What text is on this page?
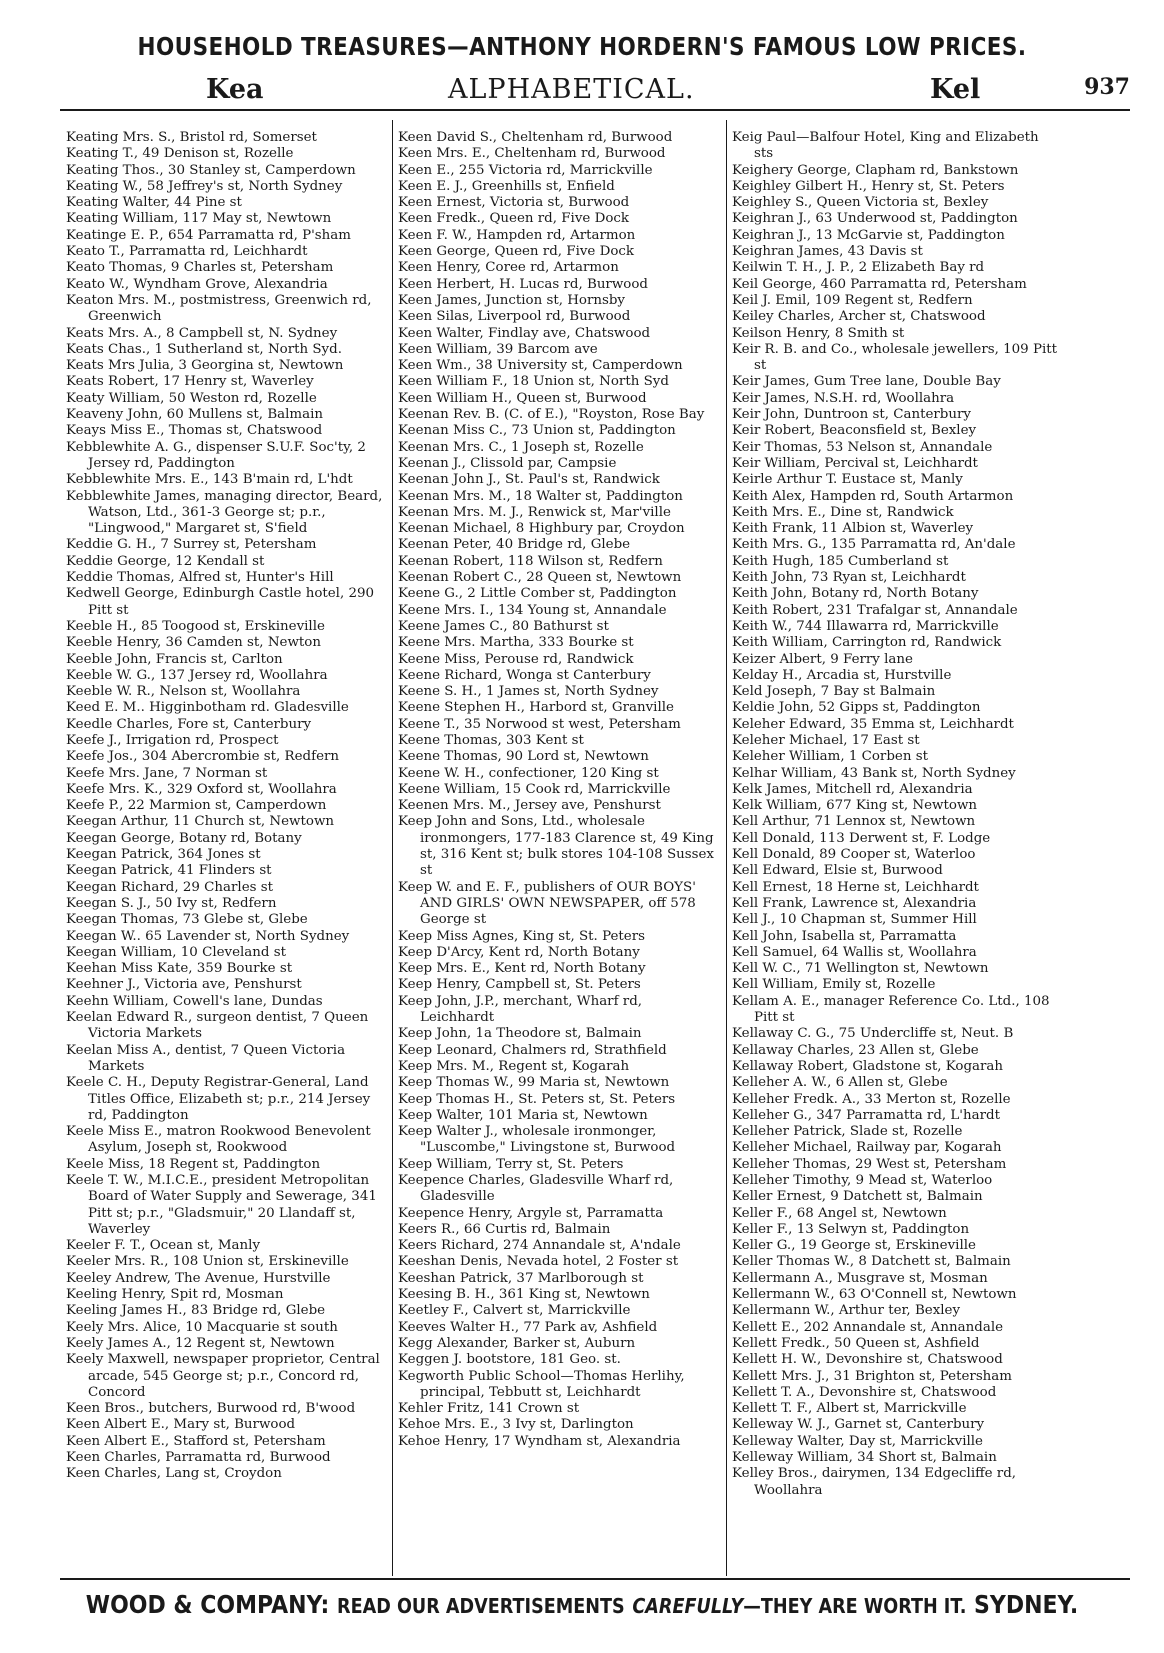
HOUSEHOLD TREASURES—ANTHONY HORDERN'S FAMOUS LOW PRICES.
Kea	ALPHABETICAL.	Kel	937

Keating Mrs. S., Bristol rd, Somerset

Keating T., 49 Denison st, Rozelle

Keating Thos., 30 Stanley st, Camperdown

Keating W., 58 Jeffrey's st, North Sydney

Keating Walter, 44 Pine st

Keating William, 117 May st, Newtown

Keatinge E. P., 654 Parramatta rd, P'sham

Keato T., Parramatta rd, Leichhardt

Keato Thomas, 9 Charles st, Petersham

Keato W., Wyndham Grove, Alexandria

Keaton Mrs. M., postmistress, Greenwich rd, Greenwich

Keats Mrs. A., 8 Campbell st, N. Sydney

Keats Chas., 1 Sutherland st, North Syd.

Keats Mrs Julia, 3 Georgina st, Newtown

Keats Robert, 17 Henry st, Waverley

Keaty William, 50 Weston rd, Rozelle

Keaveny John, 60 Mullens st, Balmain

Keays Miss E., Thomas st, Chatswood

Kebblewhite A. G., dispenser S.U.F. Soc'ty, 2 Jersey rd, Paddington

Kebblewhite Mrs. E., 143 B'main rd, L'hdt

Kebblewhite James, managing director, Beard, Watson, Ltd., 361-3 George st; p.r., "Lingwood," Margaret st, S'field

Keddie G. H., 7 Surrey st, Petersham

Keddie George, 12 Kendall st

Keddie Thomas, Alfred st, Hunter's Hill

Kedwell George, Edinburgh Castle hotel, 290 Pitt st

Keeble H., 85 Toogood st, Erskineville

Keeble Henry, 36 Camden st, Newton

Keeble John, Francis st, Carlton

Keeble W. G., 137 Jersey rd, Woollahra

Keeble W. R., Nelson st, Woollahra

Keed E. M.. Higginbotham rd. Gladesville

Keedle Charles, Fore st, Canterbury

Keefe J., Irrigation rd, Prospect

Keefe Jos., 304 Abercrombie st, Redfern

Keefe Mrs. Jane, 7 Norman st

Keefe Mrs. K., 329 Oxford st, Woollahra

Keefe P., 22 Marmion st, Camperdown

Keegan Arthur, 11 Church st, Newtown

Keegan George, Botany rd, Botany

Keegan Patrick, 364 Jones st

Keegan Patrick, 41 Flinders st

Keegan Richard, 29 Charles st

Keegan S. J., 50 Ivy st, Redfern

Keegan Thomas, 73 Glebe st, Glebe

Keegan W.. 65 Lavender st, North Sydney

Keegan William, 10 Cleveland st

Keehan Miss Kate, 359 Bourke st

Keehner J., Victoria ave, Penshurst

Keehn William, Cowell's lane, Dundas

Keelan Edward R., surgeon dentist, 7 Queen Victoria Markets

Keelan Miss A., dentist, 7 Queen Victoria Markets

Keele C. H., Deputy Registrar-General, Land Titles Office, Elizabeth st; p.r., 214 Jersey rd, Paddington

Keele Miss E., matron Rookwood Benevolent Asylum, Joseph st, Rookwood

Keele Miss, 18 Regent st, Paddington

Keele T. W., M.I.C.E., president Metropolitan Board of Water Supply and Sewerage, 341 Pitt st; p.r., "Gladsmuir," 20 Llandaff st, Waverley

Keeler F. T., Ocean st, Manly

Keeler Mrs. R., 108 Union st, Erskineville

Keeley Andrew, The Avenue, Hurstville

Keeling Henry, Spit rd, Mosman

Keeling James H., 83 Bridge rd, Glebe

Keely Mrs. Alice, 10 Macquarie st south

Keely James A., 12 Regent st, Newtown

Keely Maxwell, newspaper proprietor, Central arcade, 545 George st; p.r., Concord rd, Concord

Keen Bros., butchers, Burwood rd, B'wood

Keen Albert E., Mary st, Burwood

Keen Albert E., Stafford st, Petersham

Keen Charles, Parramatta rd, Burwood

Keen Charles, Lang st, Croydon

Keen David S., Cheltenham rd, Burwood

Keen Mrs. E., Cheltenham rd, Burwood

Keen E., 255 Victoria rd, Marrickville

Keen E. J., Greenhills st, Enfield

Keen Ernest, Victoria st, Burwood

Keen Fredk., Queen rd, Five Dock

Keen F. W., Hampden rd, Artarmon

Keen George, Queen rd, Five Dock

Keen Henry, Coree rd, Artarmon

Keen Herbert, H. Lucas rd, Burwood

Keen James, Junction st, Hornsby

Keen Silas, Liverpool rd, Burwood

Keen Walter, Findlay ave, Chatswood

Keen William, 39 Barcom ave

Keen Wm., 38 University st, Camperdown

Keen William F., 18 Union st, North Syd

Keen William H., Queen st, Burwood

Keenan Rev. B. (C. of E.), "Royston, Rose Bay

Keenan Miss C., 73 Union st, Paddington

Keenan Mrs. C., 1 Joseph st, Rozelle

Keenan J., Clissold par, Campsie

Keenan John J., St. Paul's st, Randwick

Keenan Mrs. M., 18 Walter st, Paddington

Keenan Mrs. M. J., Renwick st, Mar'ville

Keenan Michael, 8 Highbury par, Croydon

Keenan Peter, 40 Bridge rd, Glebe

Keenan Robert, 118 Wilson st, Redfern

Keenan Robert C., 28 Queen st, Newtown

Keene G., 2 Little Comber st, Paddington

Keene Mrs. I., 134 Young st, Annandale

Keene James C., 80 Bathurst st

Keene Mrs. Martha, 333 Bourke st

Keene Miss, Perouse rd, Randwick

Keene Richard, Wonga st Canterbury

Keene S. H., 1 James st, North Sydney

Keene Stephen H., Harbord st, Granville

Keene T., 35 Norwood st west, Petersham

Keene Thomas, 303 Kent st

Keene Thomas, 90 Lord st, Newtown

Keene W. H., confectioner, 120 King st

Keene William, 15 Cook rd, Marrickville

Keenen Mrs. M., Jersey ave, Penshurst

Keep John and Sons, Ltd., wholesale ironmongers, 177-183 Clarence st, 49 King st, 316 Kent st; bulk stores 104-108 Sussex st

Keep W. and E. F., publishers of OUR BOYS' AND GIRLS' OWN NEWSPAPER, off 578 George st

Keep Miss Agnes, King st, St. Peters

Keep D'Arcy, Kent rd, North Botany

Keep Mrs. E., Kent rd, North Botany

Keep Henry, Campbell st, St. Peters

Keep John, J.P., merchant, Wharf rd, Leichhardt

Keep John, 1a Theodore st, Balmain

Keep Leonard, Chalmers rd, Strathfield

Keep Mrs. M., Regent st, Kogarah

Keep Thomas W., 99 Maria st, Newtown

Keep Thomas H., St. Peters st, St. Peters

Keep Walter, 101 Maria st, Newtown

Keep Walter J., wholesale ironmonger, "Luscombe," Livingstone st, Burwood

Keep William, Terry st, St. Peters

Keepence Charles, Gladesville Wharf rd, Gladesville

Keepence Henry, Argyle st, Parramatta

Keers R., 66 Curtis rd, Balmain

Keers Richard, 274 Annandale st, A'ndale

Keeshan Denis, Nevada hotel, 2 Foster st

Keeshan Patrick, 37 Marlborough st

Keesing B. H., 361 King st, Newtown

Keetley F., Calvert st, Marrickville

Keeves Walter H., 77 Park av, Ashfield

Kegg Alexander, Barker st, Auburn

Keggen J. bootstore, 181 Geo. st.

Kegworth Public School—Thomas Herlihy, principal, Tebbutt st, Leichhardt

Kehler Fritz, 141 Crown st

Kehoe Mrs. E., 3 Ivy st, Darlington

Kehoe Henry, 17 Wyndham st, Alexandria

Keig Paul—Balfour Hotel, King and Elizabeth sts

Keighery George, Clapham rd, Bankstown

Keighley Gilbert H., Henry st, St. Peters

Keighley S., Queen Victoria st, Bexley

Keighran J., 63 Underwood st, Paddington

Keighran J., 13 McGarvie st, Paddington

Keighran James, 43 Davis st

Keilwin T. H., J. P., 2 Elizabeth Bay rd

Keil George, 460 Parramatta rd, Petersham

Keil J. Emil, 109 Regent st, Redfern

Keiley Charles, Archer st, Chatswood

Keilson Henry, 8 Smith st

Keir R. B. and Co., wholesale jewellers, 109 Pitt st

Keir James, Gum Tree lane, Double Bay

Keir James, N.S.H. rd, Woollahra

Keir John, Duntroon st, Canterbury

Keir Robert, Beaconsfield st, Bexley

Keir Thomas, 53 Nelson st, Annandale

Keir William, Percival st, Leichhardt

Keirle Arthur T. Eustace st, Manly

Keith Alex, Hampden rd, South Artarmon

Keith Mrs. E., Dine st, Randwick

Keith Frank, 11 Albion st, Waverley

Keith Mrs. G., 135 Parramatta rd, An'dale

Keith Hugh, 185 Cumberland st

Keith John, 73 Ryan st, Leichhardt

Keith John, Botany rd, North Botany

Keith Robert, 231 Trafalgar st, Annandale

Keith W., 744 Illawarra rd, Marrickville

Keith William, Carrington rd, Randwick

Keizer Albert, 9 Ferry lane

Kelday H., Arcadia st, Hurstville

Keld Joseph, 7 Bay st Balmain

Keldie John, 52 Gipps st, Paddington

Keleher Edward, 35 Emma st, Leichhardt

Keleher Michael, 17 East st

Keleher William, 1 Corben st

Kelhar William, 43 Bank st, North Sydney

Kelk James, Mitchell rd, Alexandria

Kelk William, 677 King st, Newtown

Kell Arthur, 71 Lennox st, Newtown

Kell Donald, 113 Derwent st, F. Lodge

Kell Donald, 89 Cooper st, Waterloo

Kell Edward, Elsie st, Burwood

Kell Ernest, 18 Herne st, Leichhardt

Kell Frank, Lawrence st, Alexandria

Kell J., 10 Chapman st, Summer Hill

Kell John, Isabella st, Parramatta

Kell Samuel, 64 Wallis st, Woollahra

Kell W. C., 71 Wellington st, Newtown

Kell William, Emily st, Rozelle

Kellam A. E., manager Reference Co. Ltd., 108 Pitt st

Kellaway C. G., 75 Undercliffe st, Neut. B

Kellaway Charles, 23 Allen st, Glebe

Kellaway Robert, Gladstone st, Kogarah

Kelleher A. W., 6 Allen st, Glebe

Kelleher Fredk. A., 33 Merton st, Rozelle

Kelleher G., 347 Parramatta rd, L'hardt

Kelleher Patrick, Slade st, Rozelle

Kelleher Michael, Railway par, Kogarah

Kelleher Thomas, 29 West st, Petersham

Kelleher Timothy, 9 Mead st, Waterloo

Keller Ernest, 9 Datchett st, Balmain

Keller F., 68 Angel st, Newtown

Keller F., 13 Selwyn st, Paddington

Keller G., 19 George st, Erskineville

Keller Thomas W., 8 Datchett st, Balmain

Kellermann A., Musgrave st, Mosman

Kellermann W., 63 O'Connell st, Newtown

Kellermann W., Arthur ter, Bexley

Kellett E., 202 Annandale st, Annandale

Kellett Fredk., 50 Queen st, Ashfield

Kellett H. W., Devonshire st, Chatswood

Kellett Mrs. J., 31 Brighton st, Petersham

Kellett T. A., Devonshire st, Chatswood

Kellett T. F., Albert st, Marrickville

Kelleway W. J., Garnet st, Canterbury

Kelleway Walter, Day st, Marrickville

Kelleway William, 34 Short st, Balmain

Kelley Bros., dairymen, 134 Edgecliffe rd, Woollahra

WOOD & COMPANY: READ OUR ADVERTISEMENTS CAREFULLY—THEY ARE WORTH IT. SYDNEY.
